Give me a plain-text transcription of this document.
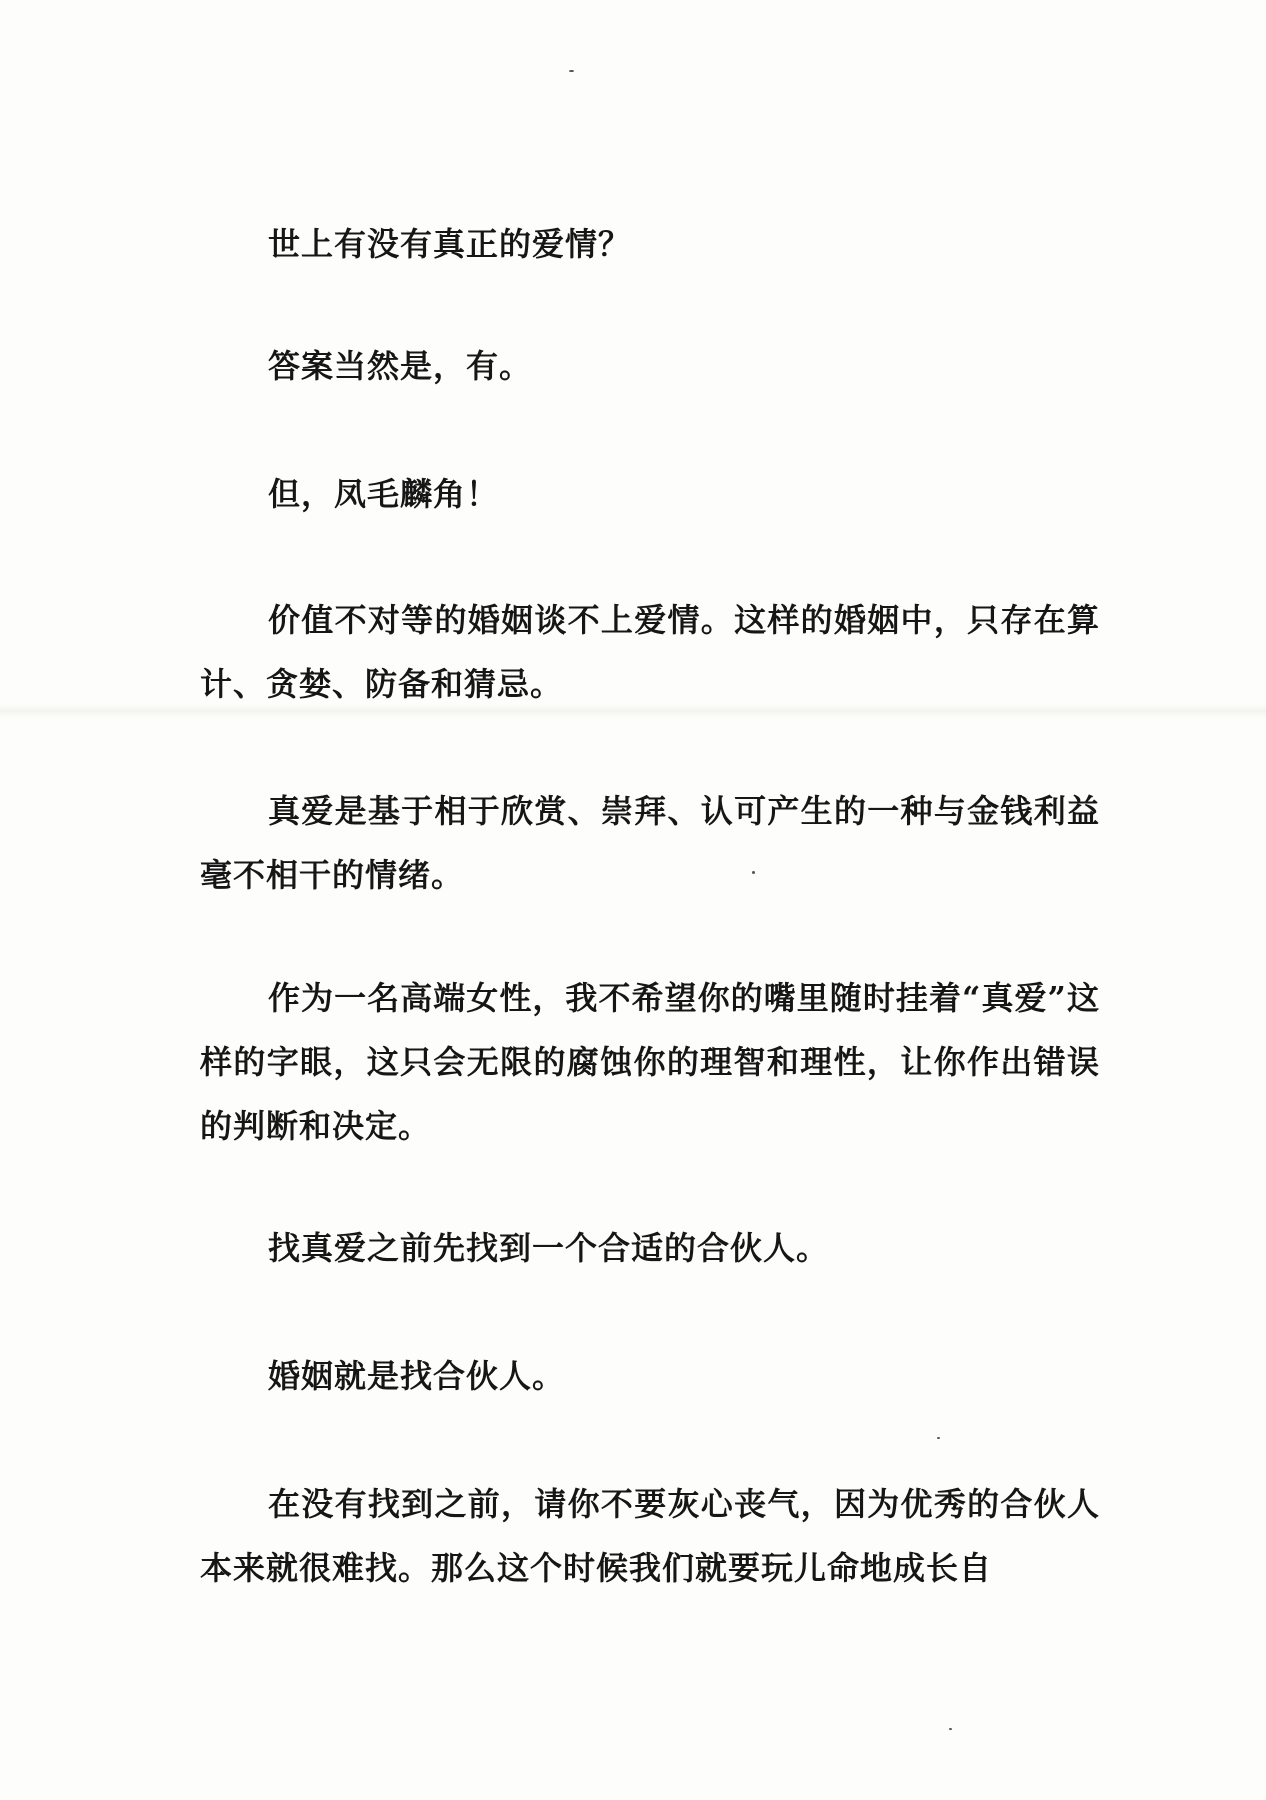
世上有没有真正的爱情？

答案当然是，有。

但，凤毛麟角！

价值不对等的婚姻谈不上爱情。这样的婚姻中，只存在算计、贪婪、防备和猜忌。

真爱是基于相于欣赏、崇拜、认可产生的一种与金钱利益毫不相干的情绪。

作为一名高端女性，我不希望你的嘴里随时挂着“真爱”这样的字眼，这只会无限的腐蚀你的理智和理性，让你作出错误的判断和决定。

找真爱之前先找到一个合适的合伙人。

婚姻就是找合伙人。

在没有找到之前，请你不要灰心丧气，因为优秀的合伙人本来就很难找。那么这个时候我们就要玩儿命地成长自
